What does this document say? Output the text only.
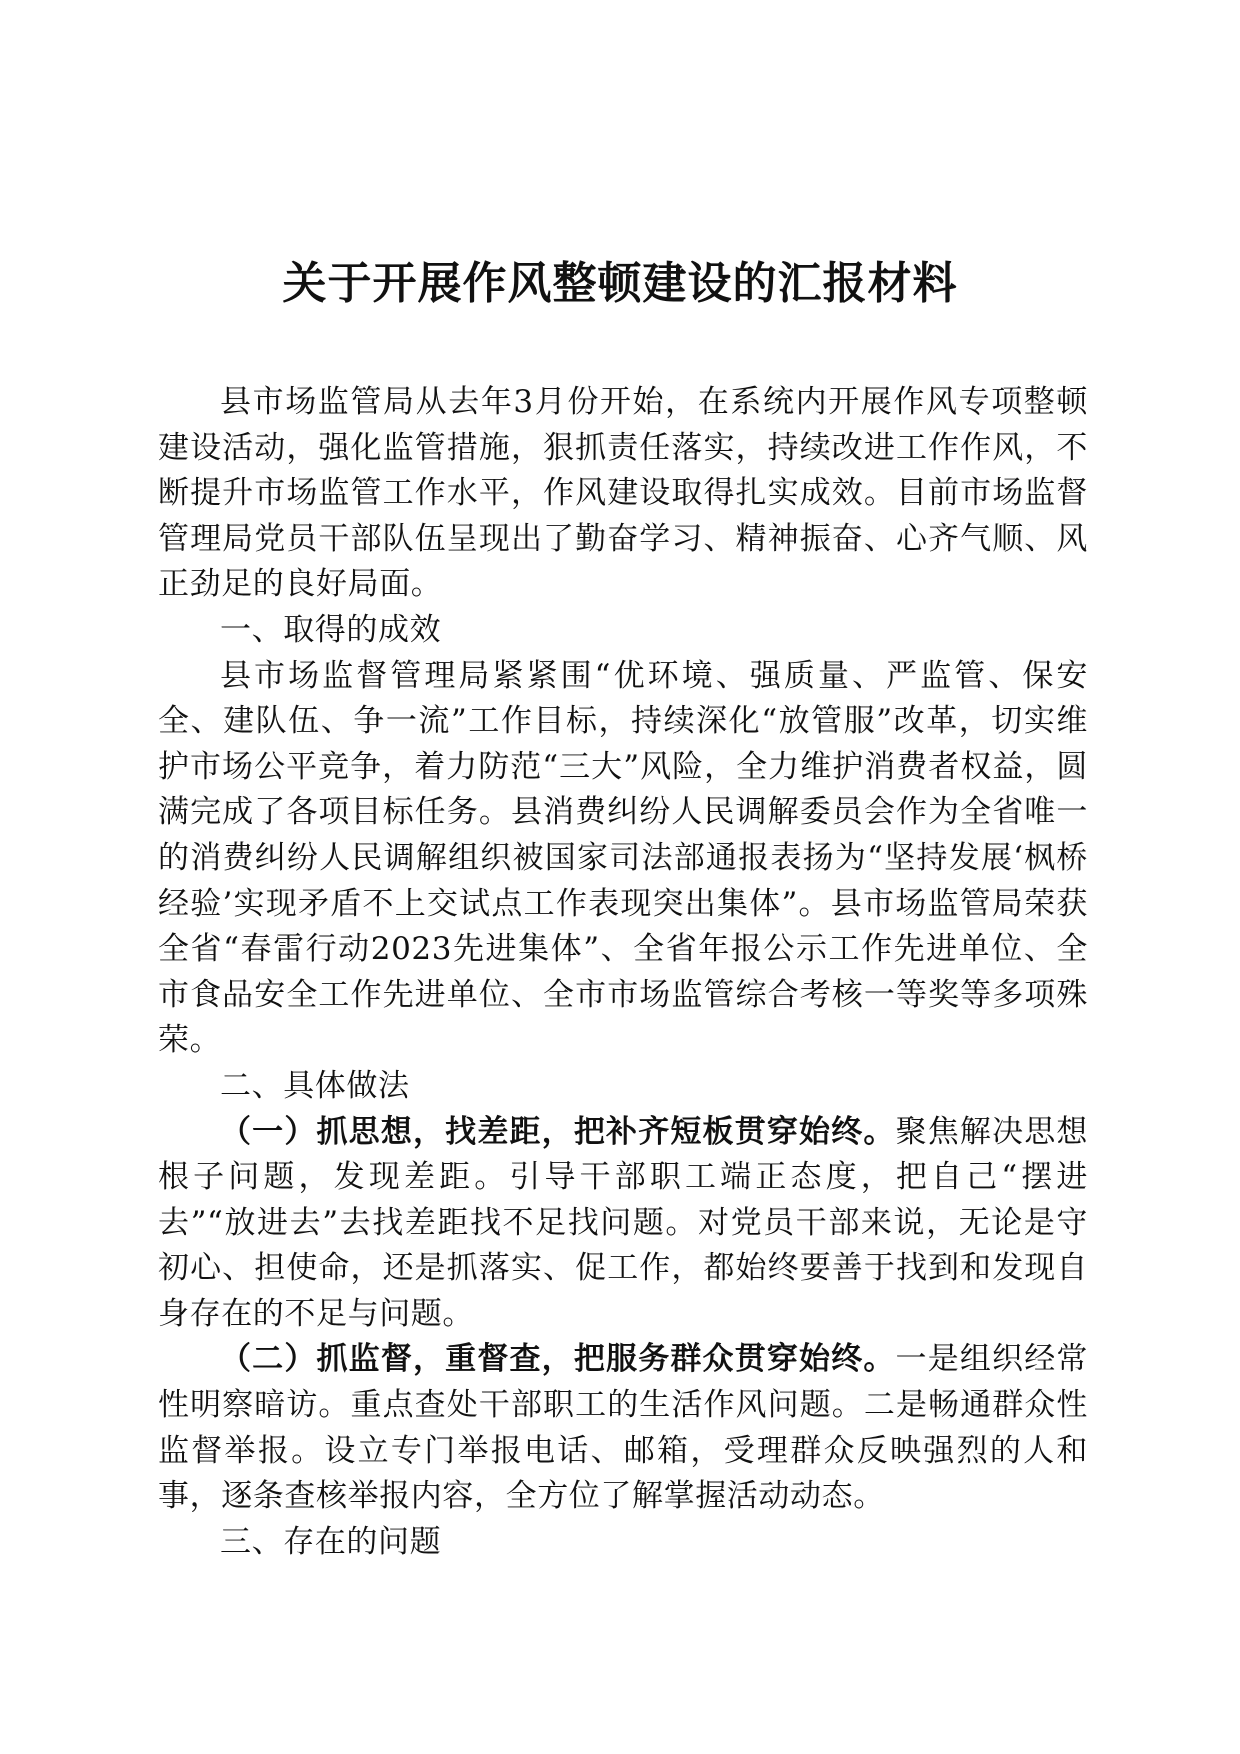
关于开展作风整顿建设的汇报材料

县市场监管局从去年3月份开始，在系统内开展作风专项整顿建设活动，强化监管措施，狠抓责任落实，持续改进工作作风，不断提升市场监管工作水平，作风建设取得扎实成效。目前市场监督管理局党员干部队伍呈现出了勤奋学习、精神振奋、心齐气顺、风正劲足的良好局面。

一、取得的成效

县市场监督管理局紧紧围“优环境、强质量、严监管、保安全、建队伍、争一流”工作目标，持续深化“放管服”改革，切实维护市场公平竞争，着力防范“三大”风险，全力维护消费者权益，圆满完成了各项目标任务。县消费纠纷人民调解委员会作为全省唯一的消费纠纷人民调解组织被国家司法部通报表扬为“坚持发展‘枫桥经验’实现矛盾不上交试点工作表现突出集体”。县市场监管局荣获全省“春雷行动2023先进集体”、全省年报公示工作先进单位、全市食品安全工作先进单位、全市市场监管综合考核一等奖等多项殊荣。

二、具体做法

（一）抓思想，找差距，把补齐短板贯穿始终。聚焦解决思想根子问题，发现差距。引导干部职工端正态度，把自己“摆进去”“放进去”去找差距找不足找问题。对党员干部来说，无论是守初心、担使命，还是抓落实、促工作，都始终要善于找到和发现自身存在的不足与问题。

（二）抓监督，重督查，把服务群众贯穿始终。一是组织经常性明察暗访。重点查处干部职工的生活作风问题。二是畅通群众性监督举报。设立专门举报电话、邮箱，受理群众反映强烈的人和事，逐条查核举报内容，全方位了解掌握活动动态。

三、存在的问题
